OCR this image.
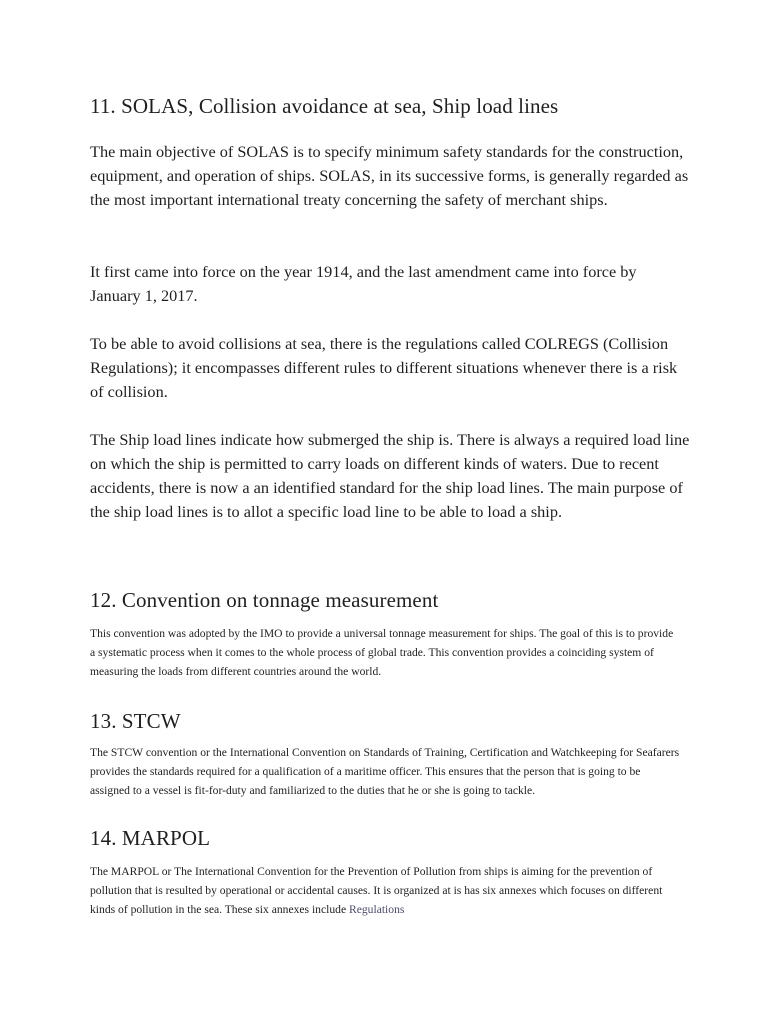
11. SOLAS, Collision avoidance at sea, Ship load lines

The main objective of SOLAS is to specify minimum safety standards for the construction, equipment, and operation of ships. SOLAS, in its successive forms, is generally regarded as the most important international treaty concerning the safety of merchant ships.

It first came into force on the year 1914, and the last amendment came into force by January 1, 2017.

To be able to avoid collisions at sea, there is the regulations called COLREGS (Collision Regulations); it encompasses different rules to different situations whenever there is a risk of collision.

The Ship load lines indicate how submerged the ship is. There is always a required load line on which the ship is permitted to carry loads on different kinds of waters. Due to recent accidents, there is now a an identified standard for the ship load lines. The main purpose of the ship load lines is to allot a specific load line to be able to load a ship.

12. Convention on tonnage measurement

This convention was adopted by the IMO to provide a universal tonnage measurement for ships. The goal of this is to provide a systematic process when it comes to the whole process of global trade. This convention provides a coinciding system of measuring the loads from different countries around the world.

13. STCW

The STCW convention or the International Convention on Standards of Training, Certification and Watchkeeping for Seafarers provides the standards required for a qualification of a maritime officer. This ensures that the person that is going to be assigned to a vessel is fit-for-duty and familiarized to the duties that he or she is going to tackle.

14. MARPOL

The MARPOL or The International Convention for the Prevention of Pollution from ships is aiming for the prevention of pollution that is resulted by operational or accidental causes. It is organized at is has six annexes which focuses on different kinds of pollution in the sea. These six annexes include Regulations
